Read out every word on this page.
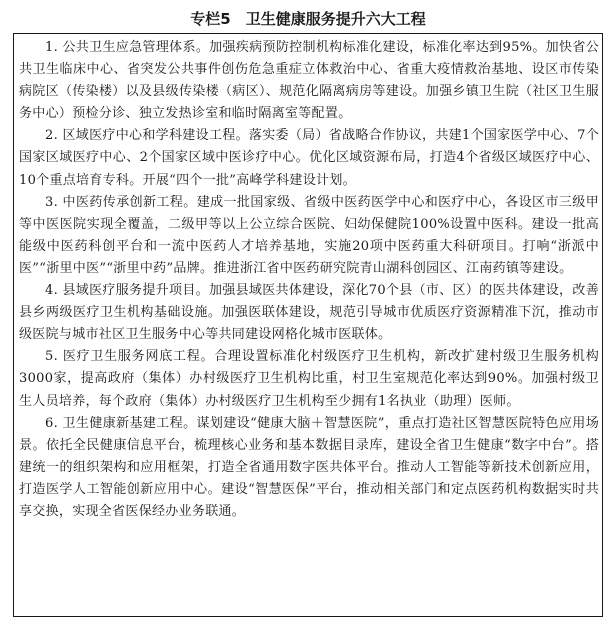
专栏5　卫生健康服务提升六大工程

1. 公共卫生应急管理体系。加强疾病预防控制机构标准化建设，标准化率达到95%。加快省公共卫生临床中心、省突发公共事件创伤危急重症立体救治中心、省重大疫情救治基地、设区市传染病院区（传染楼）以及县级传染楼（病区）、规范化隔离病房等建设。加强乡镇卫生院（社区卫生服务中心）预检分诊、独立发热诊室和临时隔离室等配置。

2. 区域医疗中心和学科建设工程。落实委（局）省战略合作协议，共建1个国家医学中心、7个国家区域医疗中心、2个国家区域中医诊疗中心。优化区域资源布局，打造4个省级区域医疗中心、10个重点培育专科。开展“四个一批”高峰学科建设计划。

3. 中医药传承创新工程。建成一批国家级、省级中医药医学中心和医疗中心，各设区市三级甲等中医医院实现全覆盖，二级甲等以上公立综合医院、妇幼保健院100%设置中医科。建设一批高能级中医药科创平台和一流中医药人才培养基地，实施20项中医药重大科研项目。打响“浙派中医”“浙里中医”“浙里中药”品牌。推进浙江省中医药研究院青山湖科创园区、江南药镇等建设。

4. 县域医疗服务提升项目。加强县域医共体建设，深化70个县（市、区）的医共体建设，改善县乡两级医疗卫生机构基础设施。加强医联体建设，规范引导城市优质医疗资源精准下沉，推动市级医院与城市社区卫生服务中心等共同建设网格化城市医联体。

5. 医疗卫生服务网底工程。合理设置标准化村级医疗卫生机构，新改扩建村级卫生服务机构3000家，提高政府（集体）办村级医疗卫生机构比重，村卫生室规范化率达到90%。加强村级卫生人员培养，每个政府（集体）办村级医疗卫生机构至少拥有1名执业（助理）医师。

6. 卫生健康新基建工程。谋划建设“健康大脑＋智慧医院”，重点打造社区智慧医院特色应用场景。依托全民健康信息平台，梳理核心业务和基本数据目录库，建设全省卫生健康“数字中台”。搭建统一的组织架构和应用框架，打造全省通用数字医共体平台。推动人工智能等新技术创新应用，打造医学人工智能创新应用中心。建设“智慧医保”平台，推动相关部门和定点医药机构数据实时共享交换，实现全省医保经办业务联通。
